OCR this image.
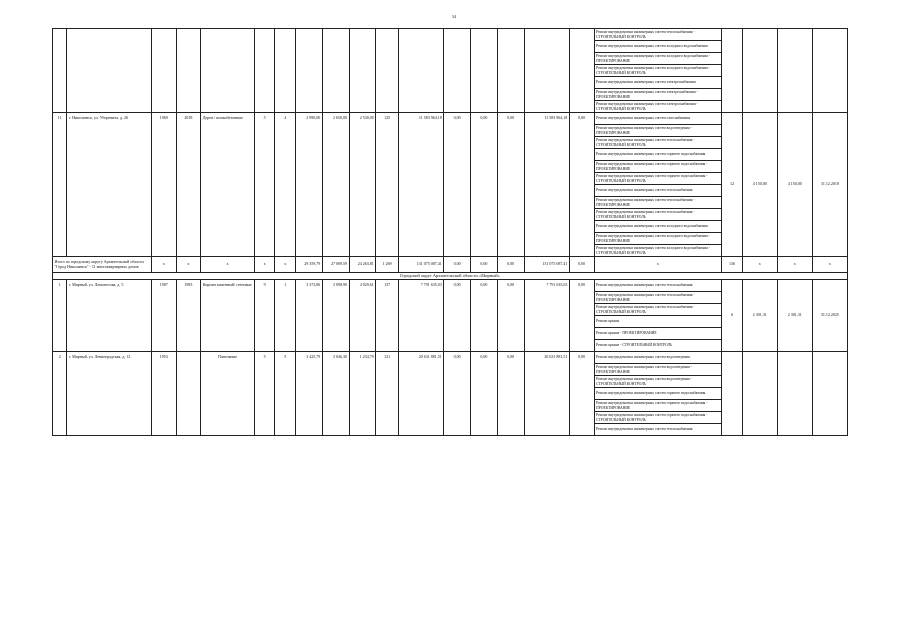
34

																	Ремонт внутридомовых инженерных систем теплоснабжения - СТРОИТЕЛЬНЫЙ КОНТРОЛЬ				

																	Ремонт внутридомовых инженерных систем холодного водоснабжения				

																	Ремонт внутридомовых инженерных систем холодного водоснабжения - ПРОЕКТИРОВАНИЕ				

																	Ремонт внутридомовых инженерных систем холодного водоснабжения - СТРОИТЕЛЬНЫЙ КОНТРОЛЬ				

																	Ремонт внутридомовых инженерных систем электроснабжения				

																	Ремонт внутридомовых инженерных систем электроснабжения - ПРОЕКТИРОВАНИЕ				

																	Ремонт внутридомовых инженерных систем электроснабжения - СТРОИТЕЛЬНЫЙ КОНТРОЛЬ				

11	г. Николаевск, ул. Уборевича, д. 26	1969	2018	Дерев./ шлакобетонные	5	4	2 990,00	2 650,00	2 530,00	125	11 583 964,18	0,00	0,00	0,00	11 583 964,18	0,00	Ремонт внутридомовых инженерных систем газоснабжения	12	4 150,00	4 150,00	31.12.2018

																	Ремонт внутридомовых инженерных систем водоотведения - ПРОЕКТИРОВАНИЕ				

																	Ремонт внутридомовых инженерных систем теплоснабжения - СТРОИТЕЛЬНЫЙ КОНТРОЛЬ				

																	Ремонт внутридомовых инженерных систем горячего водоснабжения				

																	Ремонт внутридомовых инженерных систем горячего водоснабжения - ПРОЕКТИРОВАНИЕ				

																	Ремонт внутридомовых инженерных систем горячего водоснабжения - СТРОИТЕЛЬНЫЙ КОНТРОЛЬ				

																	Ремонт внутридомовых инженерных систем теплоснабжения				

																	Ремонт внутридомовых инженерных систем теплоснабжения - ПРОЕКТИРОВАНИЕ				

																	Ремонт внутридомовых инженерных систем теплоснабжения - СТРОИТЕЛЬНЫЙ КОНТРОЛЬ				

																	Ремонт внутридомовых инженерных систем холодного водоснабжения				

																	Ремонт внутридомовых инженерных систем холодного водоснабжения - ПРОЕКТИРОВАНИЕ				

																	Ремонт внутридомовых инженерных систем холодного водоснабжения - СТРОИТЕЛЬНЫЙ КОНТРОЛЬ				

Итого по городскому округу Архангельской области "Город Николаевск" - 11 многоквартирных домов		х	х	х	х	х	29 359,79	27 009,59	24 263,81	1 269	131 075 087,41	0,00	0,00	0,00	131 075 087,41	0,00	х	136	х	х	х
Городской округ Архангельской области «Мирный»																					
1	г. Мирный, ул. Ломоносова, д. 5	1987	1983	Кирпич каменный/ стеновые	9	1	3 373,86	3 098,90	4 029,61	137	7 791 635,03	0,00	0,00	0,00	7 791 635,03	0,00	Ремонт внутридомовых инженерных систем теплоснабжения	6	2 301,31	2 301,31	31.12.2025

																	Ремонт внутридомовых инженерных систем теплоснабжения - ПРОЕКТИРОВАНИЕ				

																	Ремонт внутридомовых инженерных систем теплоснабжения - СТРОИТЕЛЬНЫЙ КОНТРОЛЬ				

																	Ремонт крыши				

																	Ремонт крыши - ПРОЕКТИРОВАНИЕ				

																	Ремонт крыши - СТРОИТЕЛЬНЫЙ КОНТРОЛЬ				

2	г. Мирный, ул. Ленинградская, д. 12	1953		Панельные	5	5	3 425,79	3 046,30	1 234,79	121	20 631 881,51	0,00	0,00	0,00	20 631 881,51	0,00	Ремонт внутридомовых инженерных систем водоотведения				

																	Ремонт внутридомовых инженерных систем водоотведения - ПРОЕКТИРОВАНИЕ				

																	Ремонт внутридомовых инженерных систем водоотведения - СТРОИТЕЛЬНЫЙ КОНТРОЛЬ				

																	Ремонт внутридомовых инженерных систем горячего водоснабжения				

																	Ремонт внутридомовых инженерных систем горячего водоснабжения - ПРОЕКТИРОВАНИЕ				

																	Ремонт внутридомовых инженерных систем горячего водоснабжения - СТРОИТЕЛЬНЫЙ КОНТРОЛЬ				

																	Ремонт внутридомовых инженерных систем теплоснабжения				
